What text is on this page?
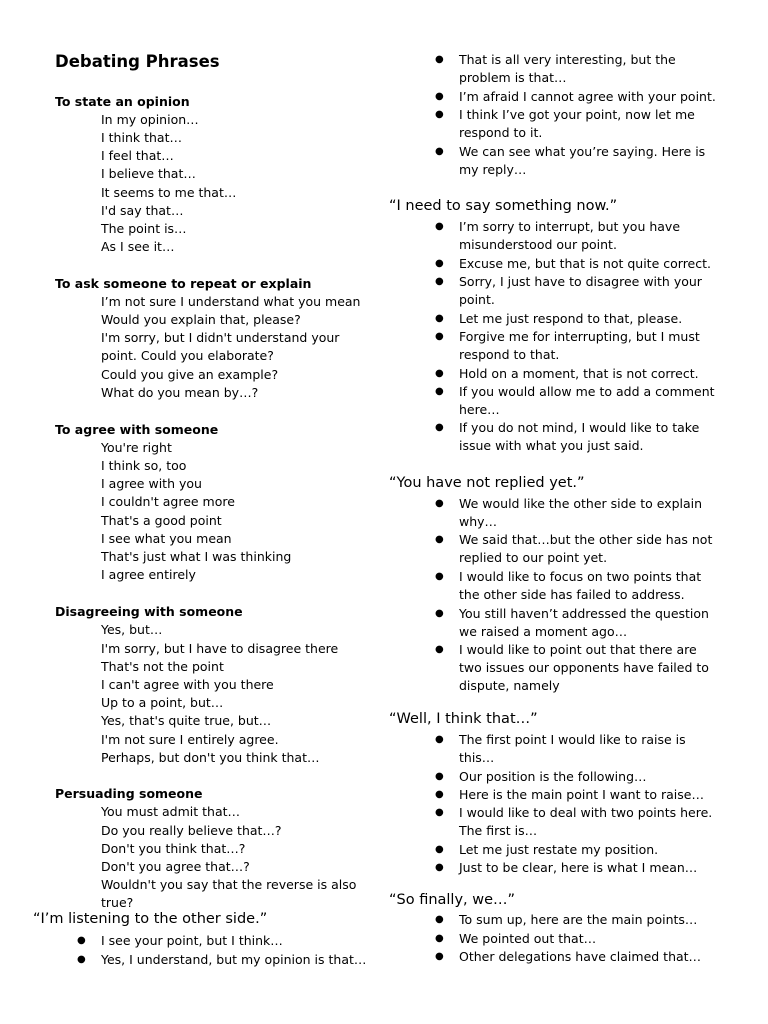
Debating Phrases
To state an opinion
In my opinion…
I think that…
I feel that…
I believe that…
It seems to me that…
I'd say that…
The point is…
As I see it…
To ask someone to repeat or explain
I’m not sure I understand what you mean
Would you explain that, please?
I'm sorry, but I didn't understand your
point. Could you elaborate?
Could you give an example?
What do you mean by…?
To agree with someone
You're right
I think so, too
I agree with you
I couldn't agree more
That's a good point
I see what you mean
That's just what I was thinking
I agree entirely
Disagreeing with someone
Yes, but…
I'm sorry, but I have to disagree there
That's not the point
I can't agree with you there
Up to a point, but…
Yes, that's quite true, but…
I'm not sure I entirely agree.
Perhaps, but don't you think that…
Persuading someone
You must admit that…
Do you really believe that…?
Don't you think that…?
Don't you agree that…?
Wouldn't you say that the reverse is also
true?
“I’m listening to the other side.”
● I see your point, but I think…
● Yes, I understand, but my opinion is that…
● That is all very interesting, but the problem is that…
● I’m afraid I cannot agree with your point.
● I think I’ve got your point, now let me respond to it.
● We can see what you’re saying. Here is my reply…
“I need to say something now.”
● I’m sorry to interrupt, but you have misunderstood our point.
● Excuse me, but that is not quite correct.
● Sorry, I just have to disagree with your point.
● Let me just respond to that, please.
● Forgive me for interrupting, but I must respond to that.
● Hold on a moment, that is not correct.
● If you would allow me to add a comment here…
● If you do not mind, I would like to take issue with what you just said.
“You have not replied yet.”
● We would like the other side to explain why…
● We said that…but the other side has not replied to our point yet.
● I would like to focus on two points that the other side has failed to address.
● You still haven’t addressed the question we raised a moment ago…
● I would like to point out that there are two issues our opponents have failed to dispute, namely
“Well, I think that…”
● The first point I would like to raise is this…
● Our position is the following…
● Here is the main point I want to raise…
● I would like to deal with two points here. The first is…
● Let me just restate my position.
● Just to be clear, here is what I mean…
“So finally, we…”
● To sum up, here are the main points…
● We pointed out that…
● Other delegations have claimed that…
